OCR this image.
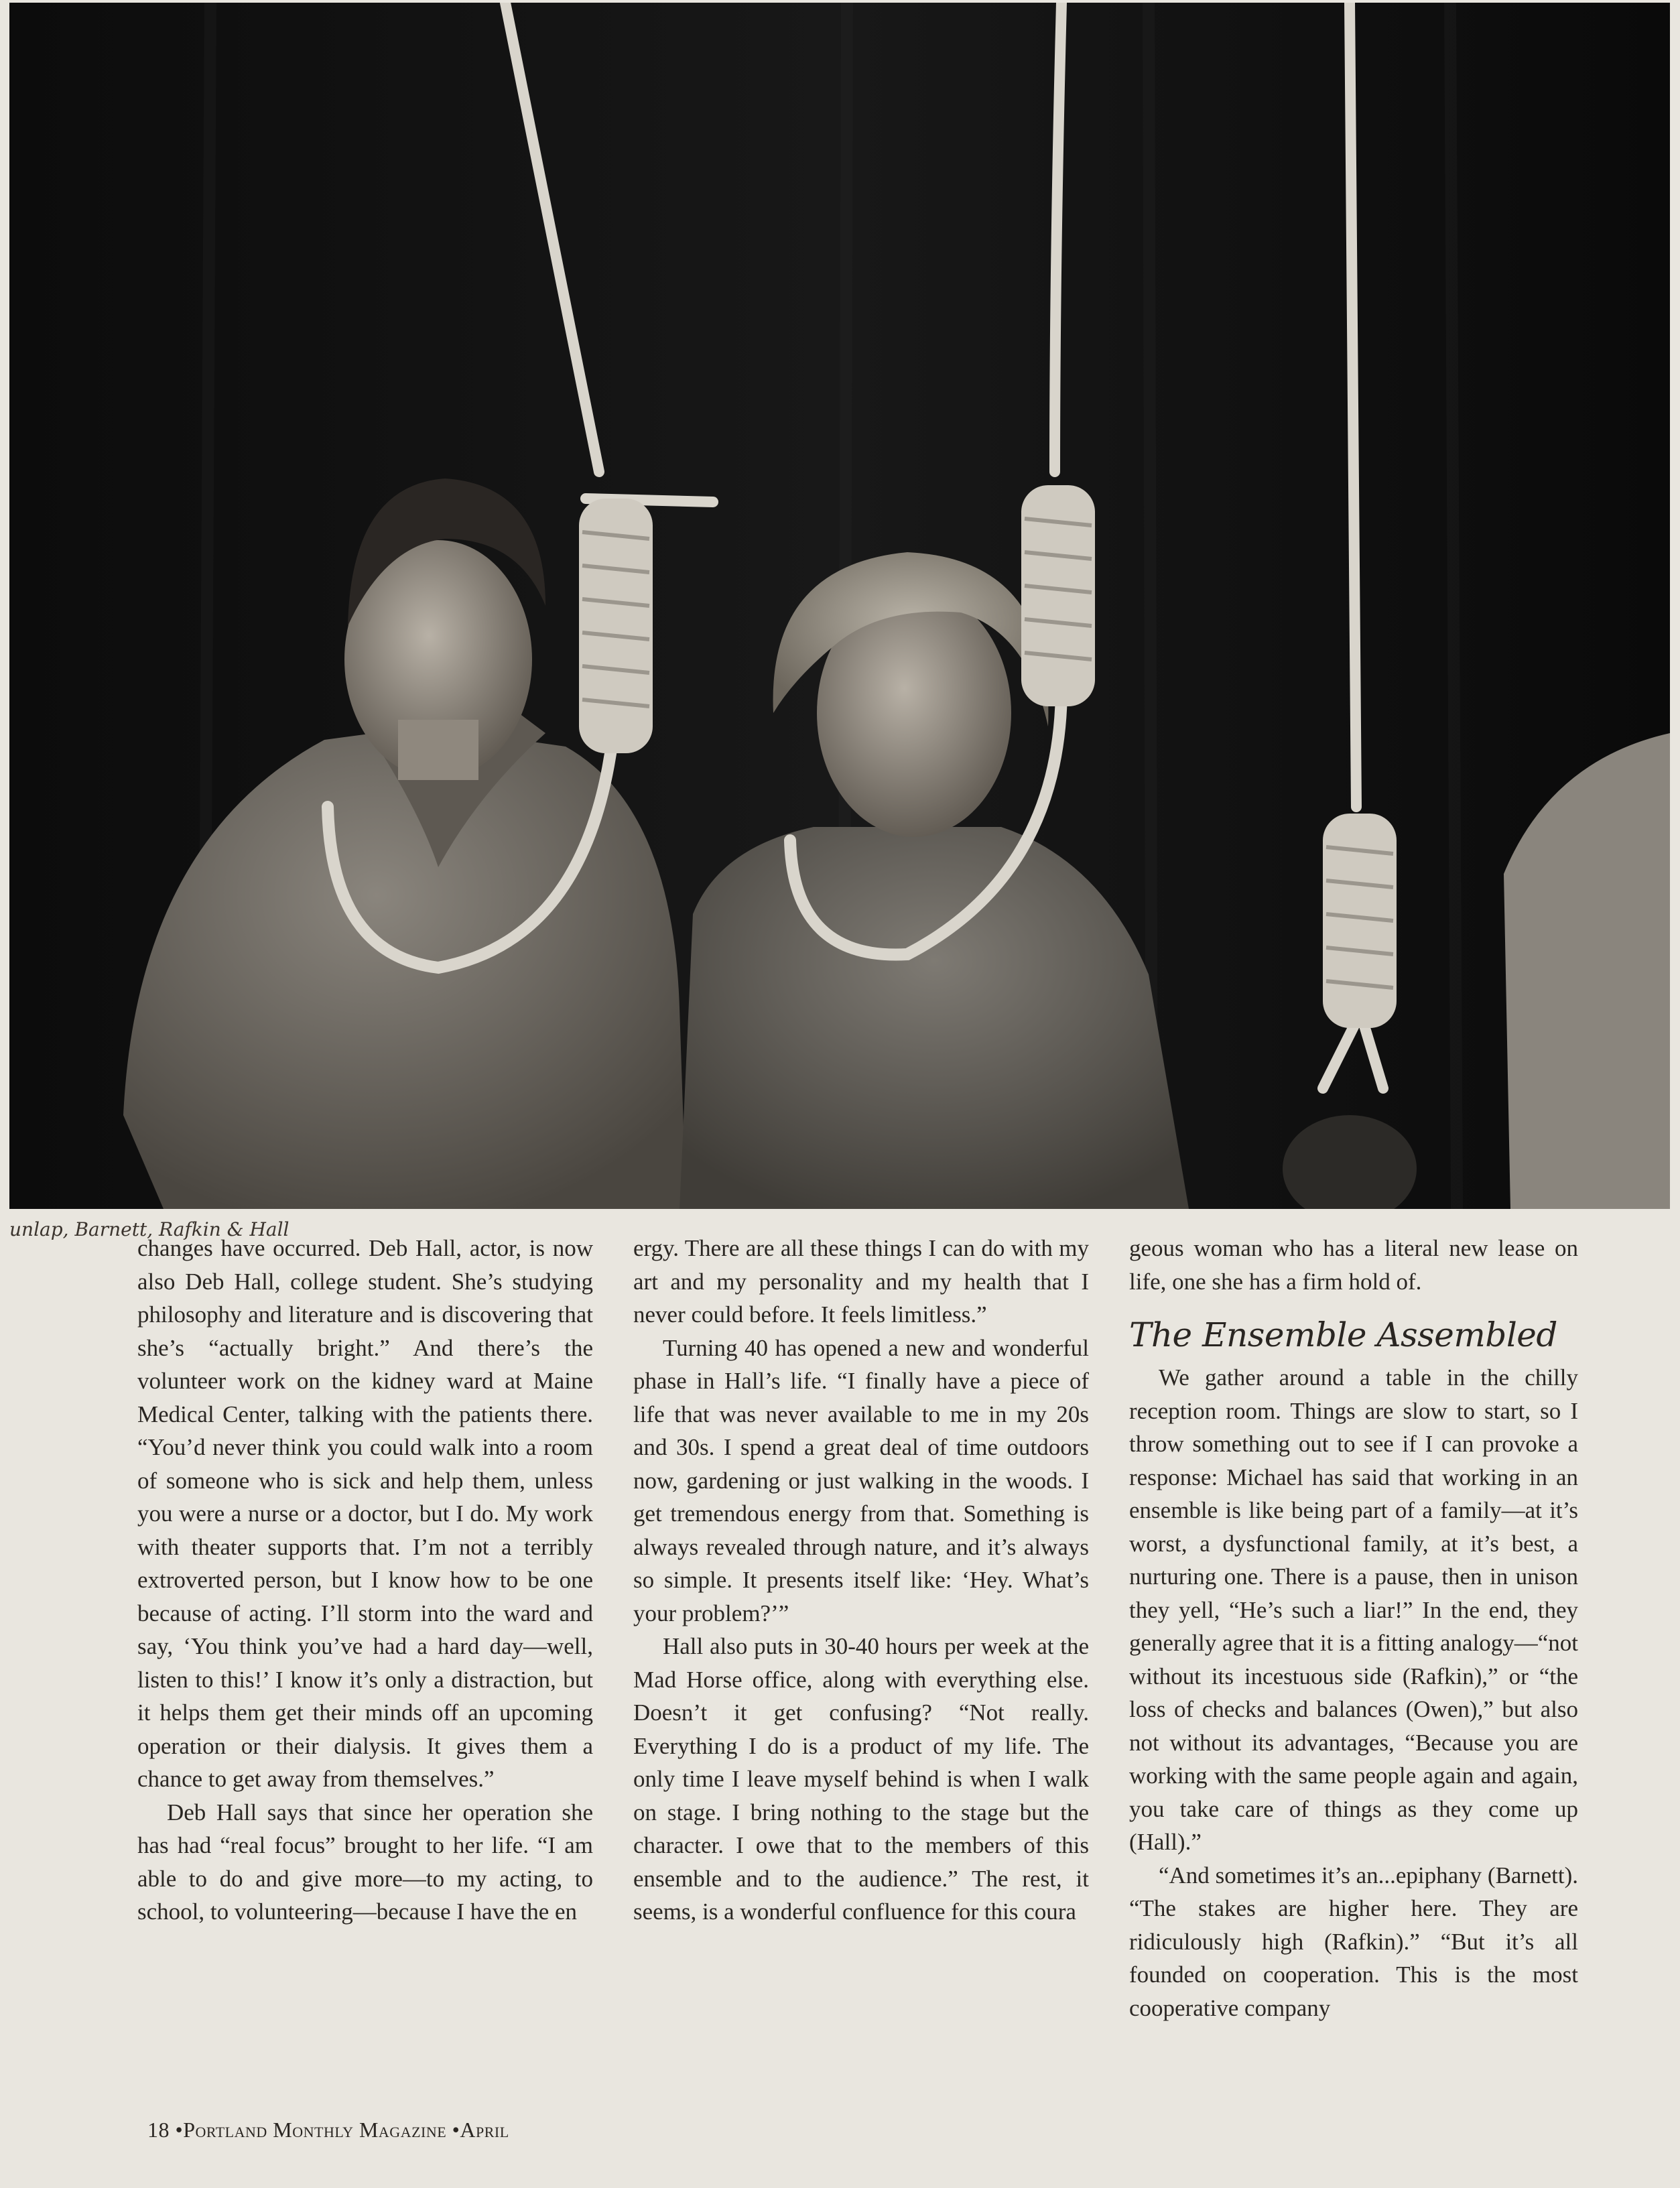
unlap, Barnett, Rafkin & Hall

changes have occurred. Deb Hall, actor, is now also Deb Hall, college student. She’s studying philosophy and literature and is discovering that she’s “actually bright.” And there’s the volunteer work on the kidney ward at Maine Medical Center, talking with the patients there. “You’d never think you could walk into a room of someone who is sick and help them, unless you were a nurse or a doctor, but I do. My work with theater supports that. I’m not a terribly extroverted person, but I know how to be one because of acting. I’ll storm into the ward and say, ‘You think you’ve had a hard day—well, listen to this!’ I know it’s only a distraction, but it helps them get their minds off an upcoming operation or their dialysis. It gives them a chance to get away from themselves.”

Deb Hall says that since her operation she has had “real focus” brought to her life. “I am able to do and give more—to my acting, to school, to volunteering—because I have the en

ergy. There are all these things I can do with my art and my personality and my health that I never could before. It feels limitless.”

Turning 40 has opened a new and wonderful phase in Hall’s life. “I finally have a piece of life that was never available to me in my 20s and 30s. I spend a great deal of time outdoors now, gardening or just walking in the woods. I get tremendous energy from that. Something is always revealed through nature, and it’s always so simple. It presents itself like: ‘Hey. What’s your problem?’”

Hall also puts in 30-40 hours per week at the Mad Horse office, along with everything else. Doesn’t it get confusing? “Not really. Everything I do is a product of my life. The only time I leave myself behind is when I walk on stage. I bring nothing to the stage but the character. I owe that to the members of this ensemble and to the audience.” The rest, it seems, is a wonderful confluence for this coura

geous woman who has a literal new lease on life, one she has a firm hold of.

The Ensemble Assembled

We gather around a table in the chilly reception room. Things are slow to start, so I throw something out to see if I can provoke a response: Michael has said that working in an ensemble is like being part of a family—at it’s worst, a dysfunctional family, at it’s best, a nurturing one. There is a pause, then in unison they yell, “He’s such a liar!” In the end, they generally agree that it is a fitting analogy—“not without its incestuous side (Rafkin),” or “the loss of checks and balances (Owen),” but also not without its advantages, “Because you are working with the same people again and again, you take care of things as they come up (Hall).”

“And sometimes it’s an...epiphany (Barnett). “The stakes are higher here. They are ridiculously high (Rafkin).” “But it’s all founded on cooperation. This is the most cooperative company

18 •Portland Monthly Magazine •April
